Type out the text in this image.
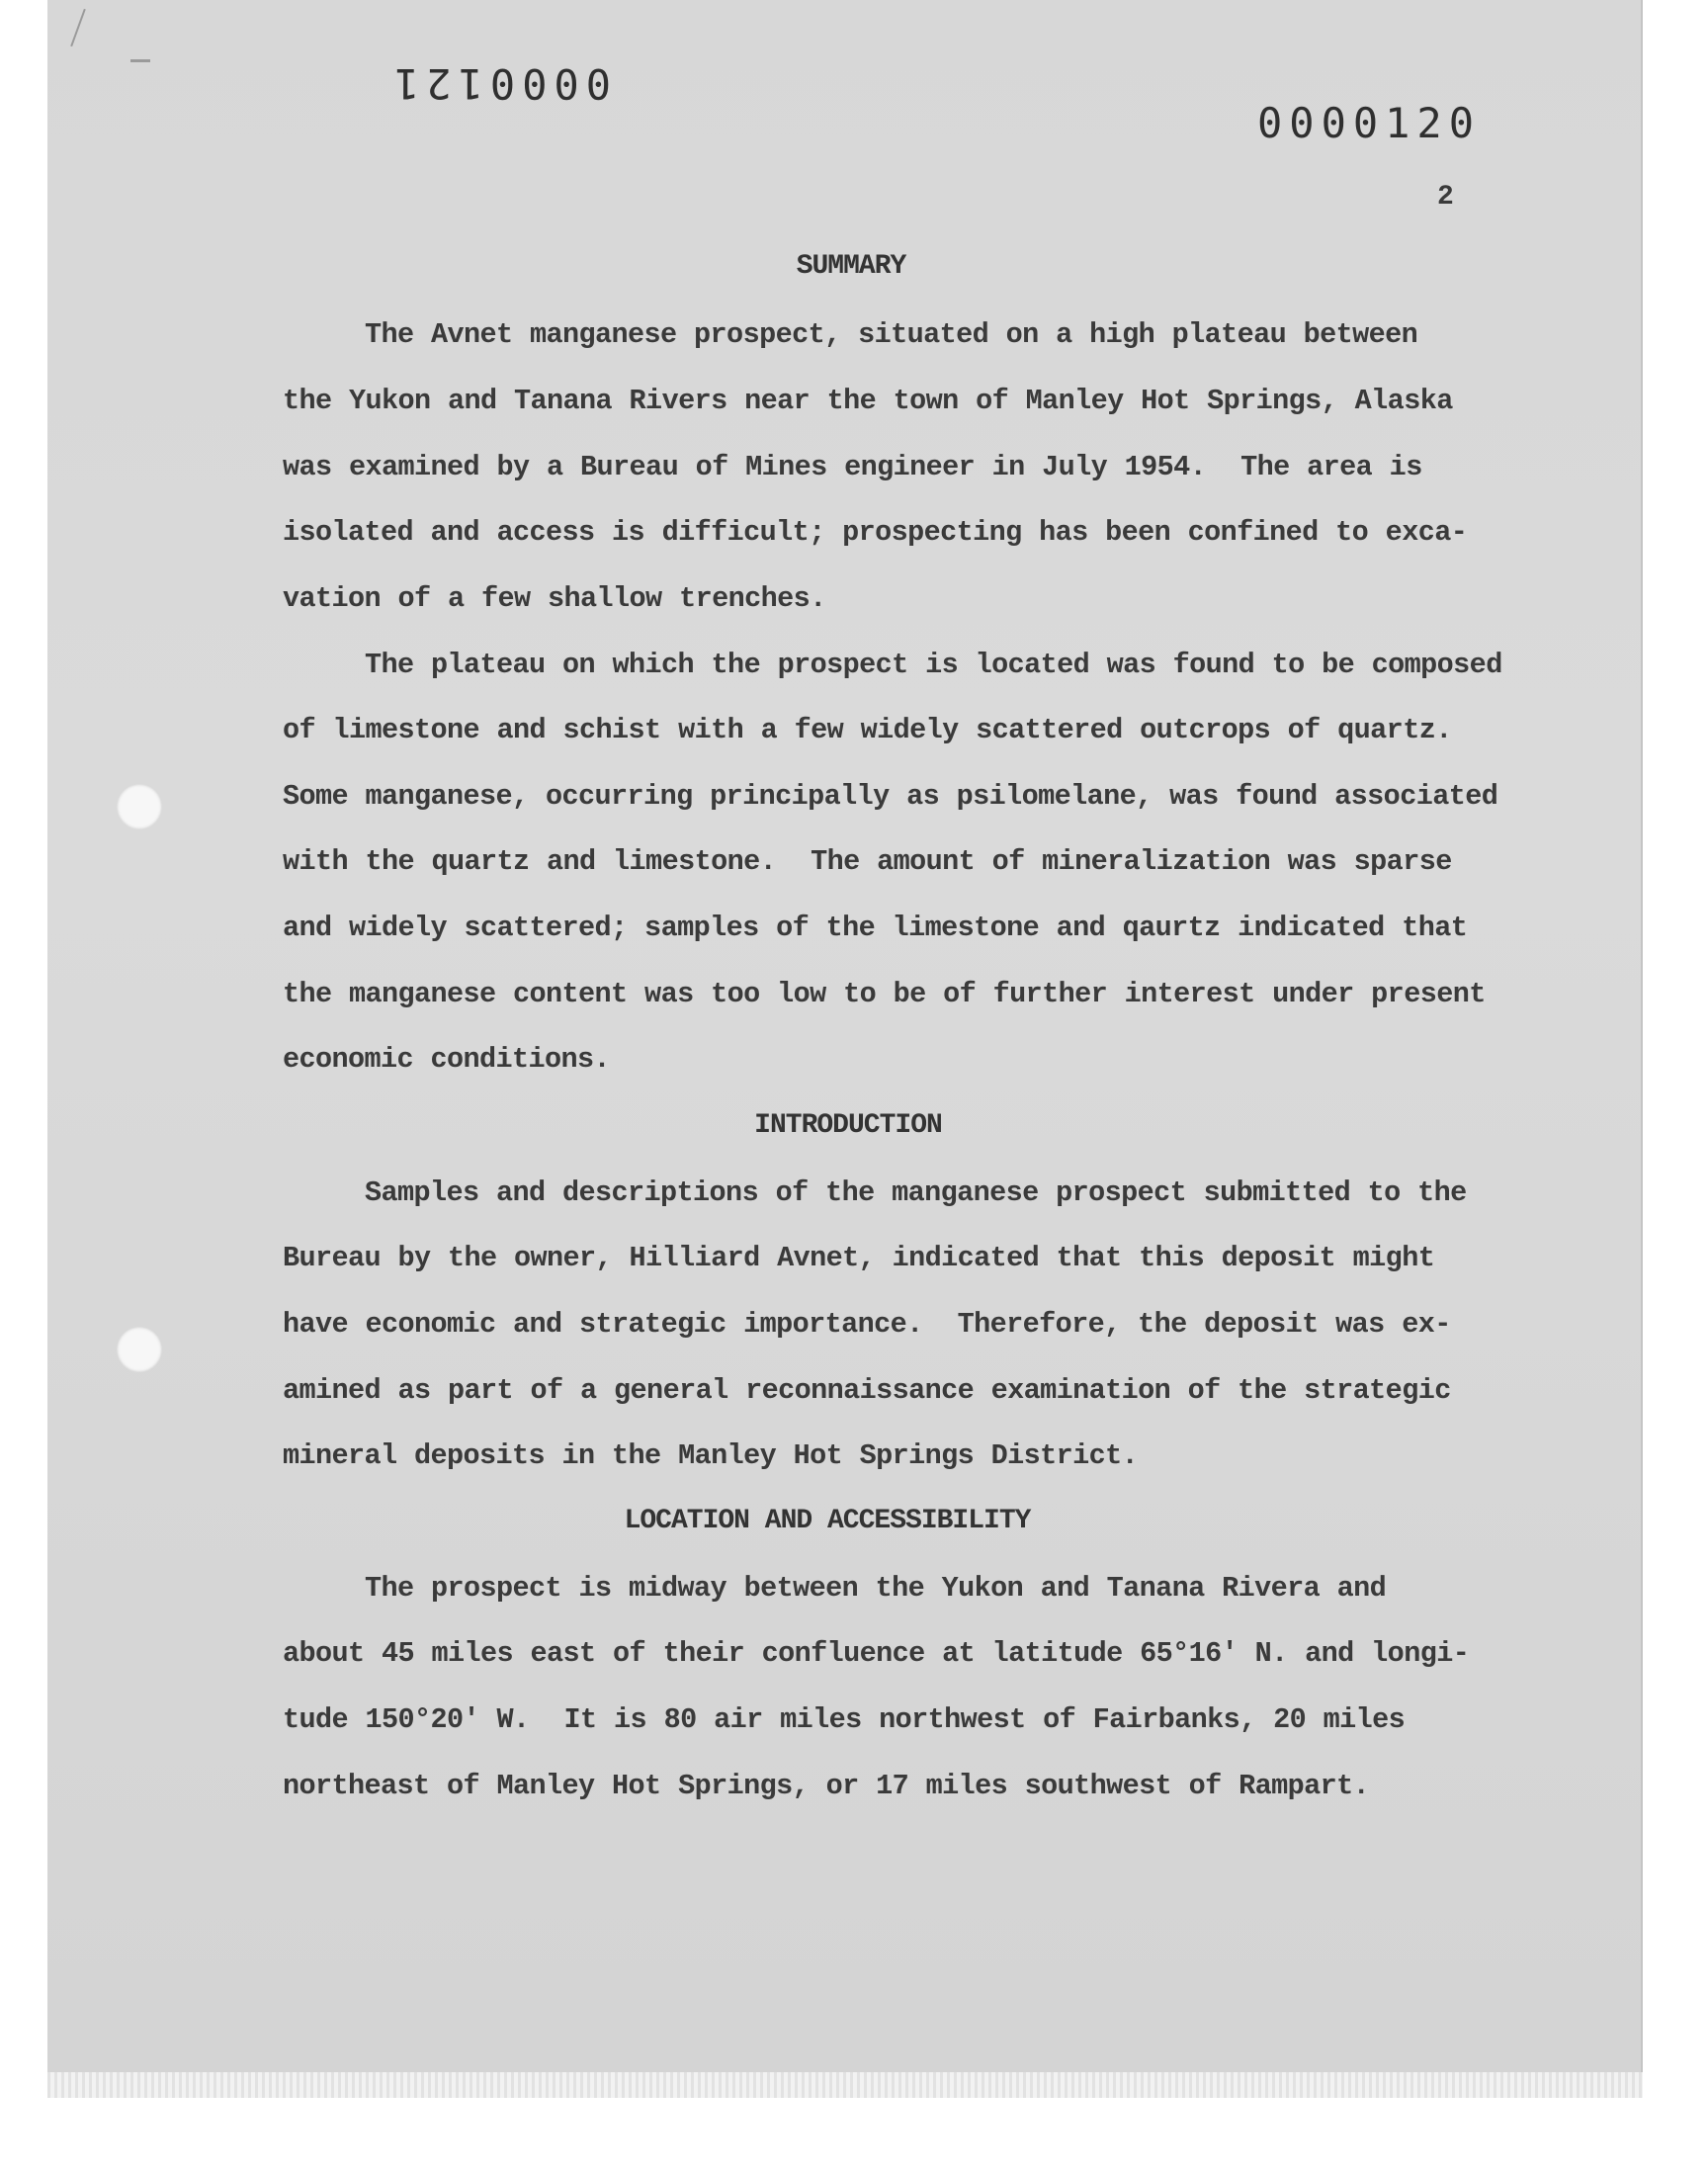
0000121
0000120
2
SUMMARY
The Avnet manganese prospect, situated on a high plateau between
the Yukon and Tanana Rivers near the town of Manley Hot Springs, Alaska
was examined by a Bureau of Mines engineer in July 1954.  The area is
isolated and access is difficult; prospecting has been confined to exca-
vation of a few shallow trenches.
The plateau on which the prospect is located was found to be composed
of limestone and schist with a few widely scattered outcrops of quartz.
Some manganese, occurring principally as psilomelane, was found associated
with the quartz and limestone.  The amount of mineralization was sparse
and widely scattered; samples of the limestone and qaurtz indicated that
the manganese content was too low to be of further interest under present
economic conditions.
INTRODUCTION
Samples and descriptions of the manganese prospect submitted to the
Bureau by the owner, Hilliard Avnet, indicated that this deposit might
have economic and strategic importance.  Therefore, the deposit was ex-
amined as part of a general reconnaissance examination of the strategic
mineral deposits in the Manley Hot Springs District.
LOCATION AND ACCESSIBILITY
The prospect is midway between the Yukon and Tanana Rivera and
about 45 miles east of their confluence at latitude 65°16' N. and longi-
tude 150°20' W.  It is 80 air miles northwest of Fairbanks, 20 miles
northeast of Manley Hot Springs, or 17 miles southwest of Rampart.
